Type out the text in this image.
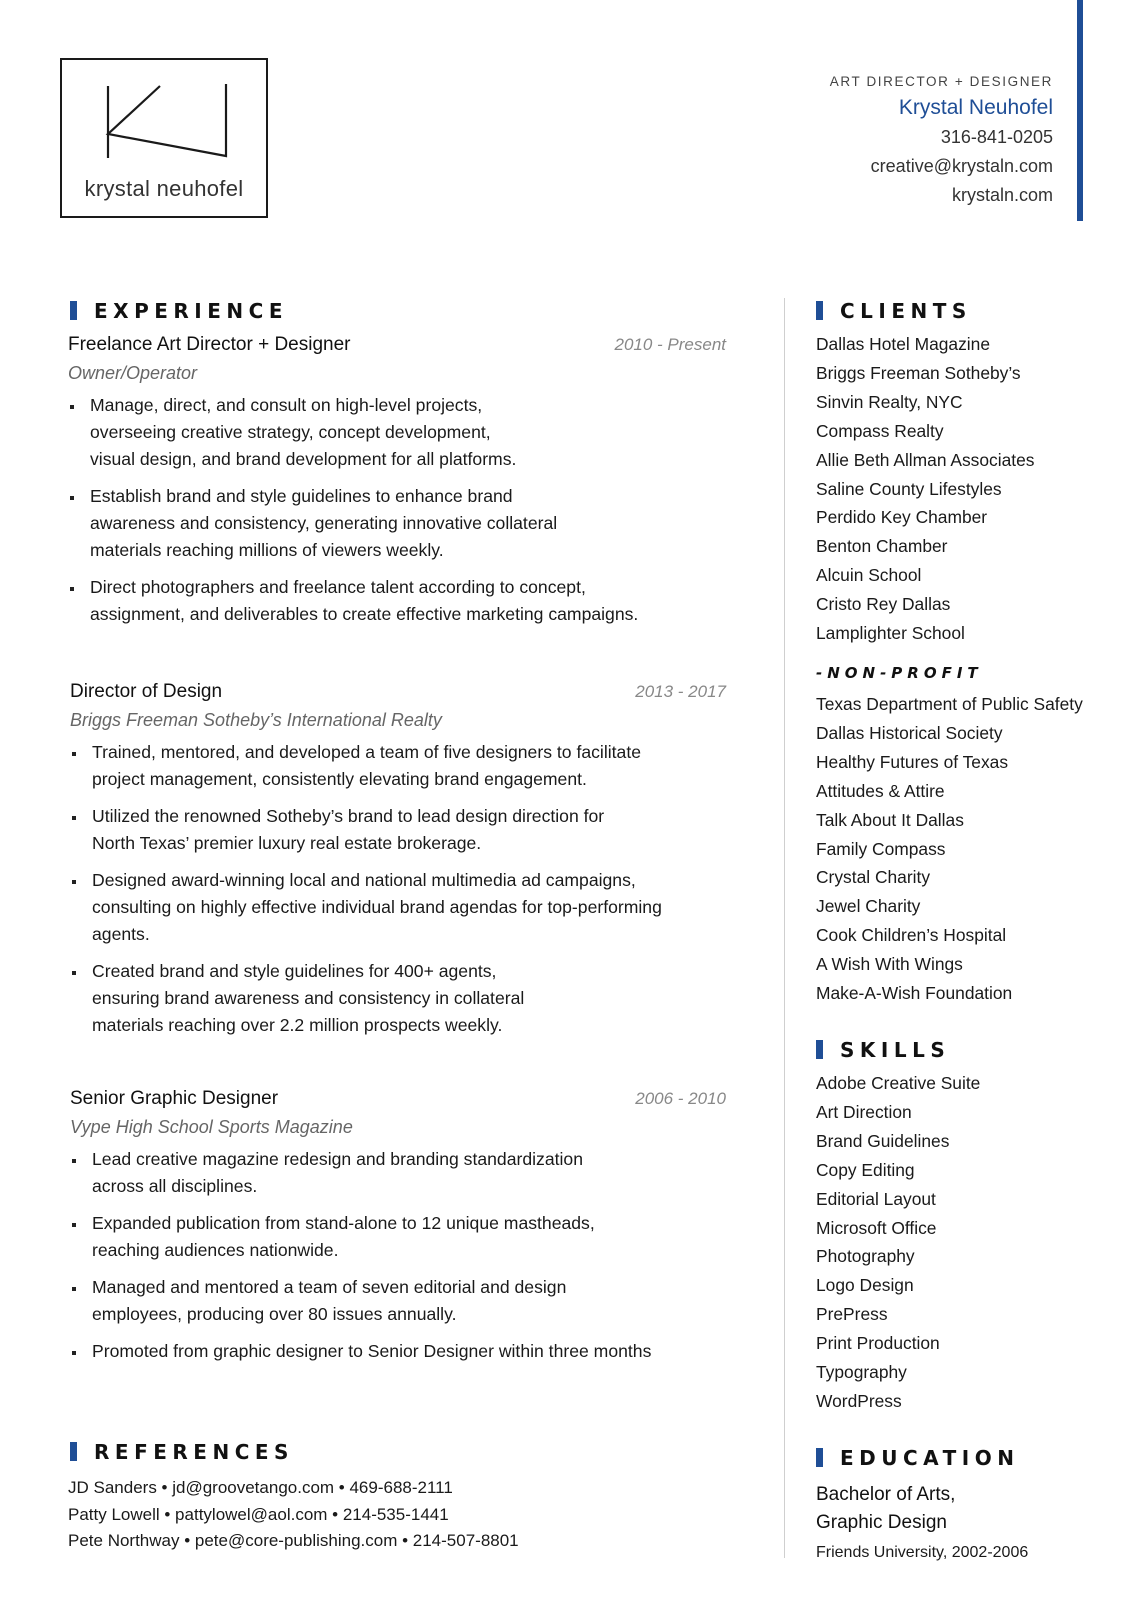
krystal neuhofel
ART DIRECTOR + DESIGNER
Krystal Neuhofel
316-841-0205
creative@krystaln.com
krystaln.com
EXPERIENCE
Freelance Art Director + Designer	2010 - Present
Owner/Operator
Manage, direct, and consult on high-level projects, overseeing creative strategy, concept development, visual design, and brand development for all platforms.
Establish brand and style guidelines to enhance brand awareness and consistency, generating innovative collateral materials reaching millions of viewers weekly.
Direct photographers and freelance talent according to concept, assignment, and deliverables to create effective marketing campaigns.
Director of Design	2013 - 2017
Briggs Freeman Sotheby’s International Realty
Trained, mentored, and developed a team of five designers to facilitate project management, consistently elevating brand engagement.
Utilized the renowned Sotheby’s brand to lead design direction for North Texas’ premier luxury real estate brokerage.
Designed award-winning local and national multimedia ad campaigns, consulting on highly effective individual brand agendas for top-performing agents.
Created brand and style guidelines for 400+ agents, ensuring brand awareness and consistency in collateral materials reaching over 2.2 million prospects weekly.
Senior Graphic Designer	2006 - 2010
Vype High School Sports Magazine
Lead creative magazine redesign and branding standardization across all disciplines.
Expanded publication from stand-alone to 12 unique mastheads, reaching audiences nationwide.
Managed and mentored a team of seven editorial and design employees, producing over 80 issues annually.
Promoted from graphic designer to Senior Designer within three months
REFERENCES
JD Sanders • jd@groovetango.com • 469-688-2111
Patty Lowell • pattylowel@aol.com • 214-535-1441
Pete Northway • pete@core-publishing.com • 214-507-8801
CLIENTS
Dallas Hotel Magazine
Briggs Freeman Sotheby’s
Sinvin Realty, NYC
Compass Realty
Allie Beth Allman Associates
Saline County Lifestyles
Perdido Key Chamber
Benton Chamber
Alcuin School
Cristo Rey Dallas
Lamplighter School
-NON-PROFIT
Texas Department of Public Safety
Dallas Historical Society
Healthy Futures of Texas
Attitudes & Attire
Talk About It Dallas
Family Compass
Crystal Charity
Jewel Charity
Cook Children’s Hospital
A Wish With Wings
Make-A-Wish Foundation
SKILLS
Adobe Creative Suite
Art Direction
Brand Guidelines
Copy Editing
Editorial Layout
Microsoft Office
Photography
Logo Design
PrePress
Print Production
Typography
WordPress
EDUCATION
Bachelor of Arts,
Graphic Design
Friends University, 2002-2006
